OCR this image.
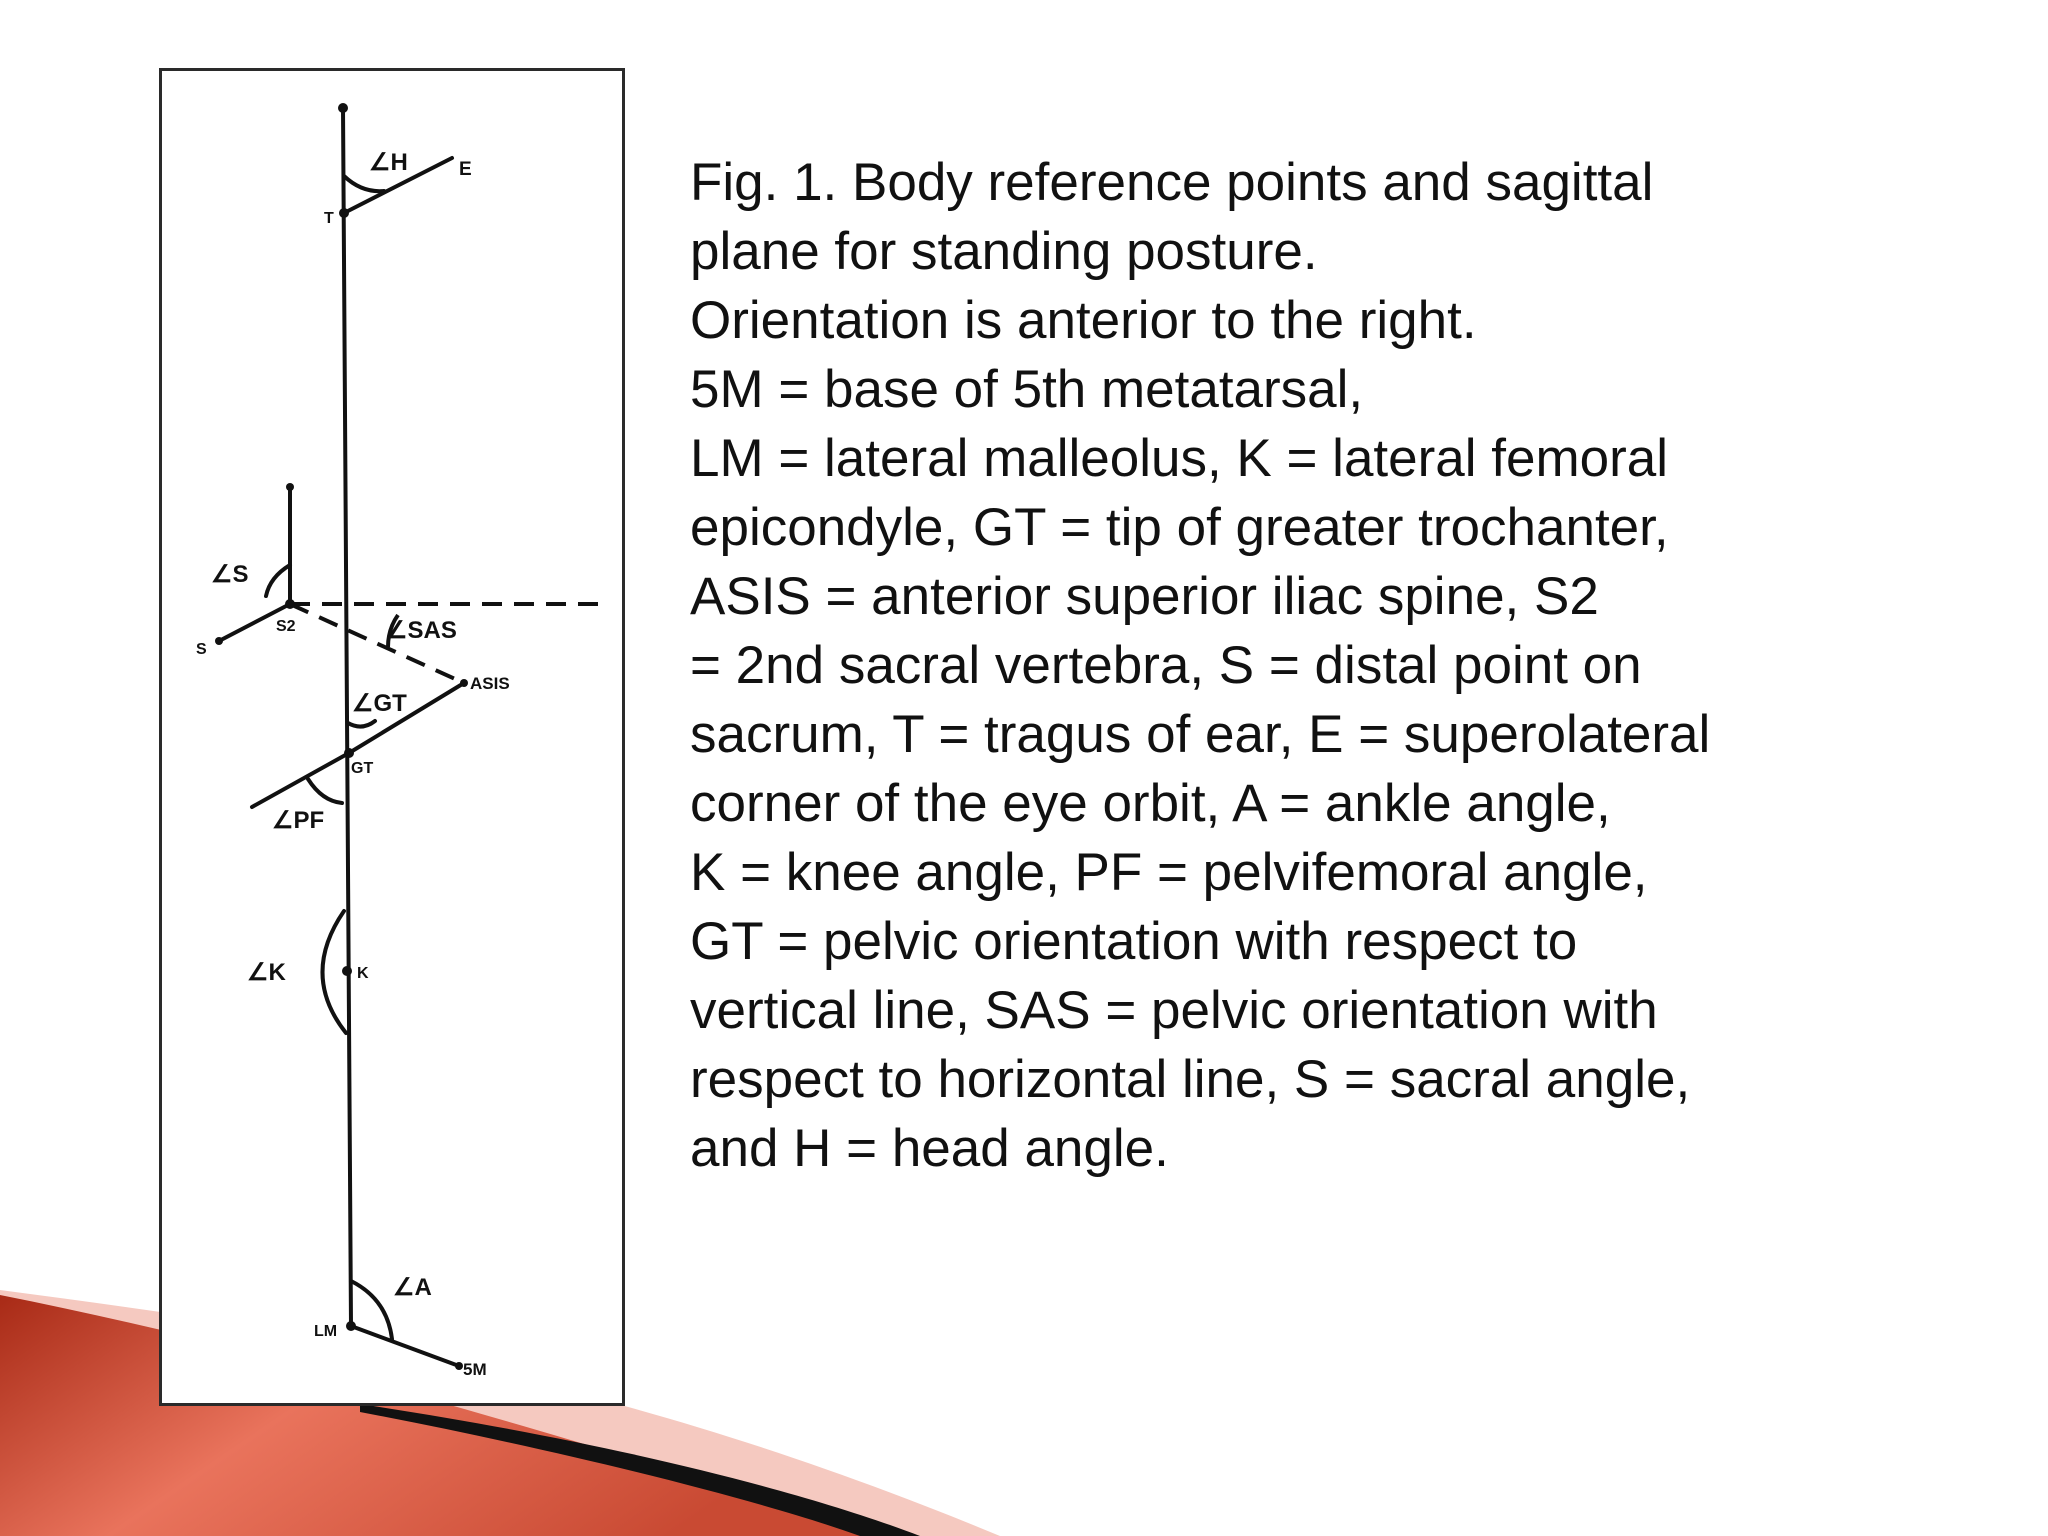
∠H	E
T
∠S
S2
S
∠SAS
ASIS
∠GT
GT
∠PF
∠K	K
∠A
LM
5M
Fig. 1. Body reference points and sagittal
plane for standing posture.
Orientation is anterior to the right.
5M = base of 5th metatarsal,
LM = lateral malleolus, K = lateral femoral
epicondyle, GT = tip of greater trochanter,
ASIS = anterior superior iliac spine, S2
= 2nd sacral vertebra, S = distal point on
sacrum, T = tragus of ear, E = superolateral
corner of the eye orbit, A = ankle angle,
K = knee angle, PF = pelvifemoral angle,
GT = pelvic orientation with respect to
vertical line, SAS = pelvic orientation with
respect to horizontal line, S = sacral angle,
and H = head angle.
